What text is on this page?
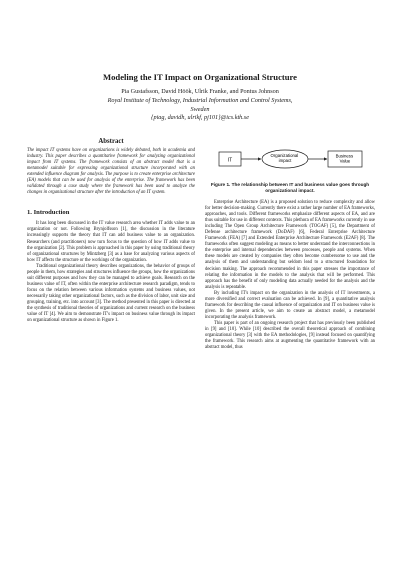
Modeling the IT Impact on Organizational Structure
Pia Gustafsson, David Höök, Ulrik Franke, and Pontus Johnson
Royal Institute of Technology, Industrial Information and Control Systems,
Sweden
{piag, davidh, ulrikf, pj101}@ics.kth.se
Abstract

The impact IT systems have on organizations is widely debated, both in academia and industry. This paper describes a quantitative framework for analyzing organizational impact from IT systems. The framework consists of an abstract model that is a metamodel suitable for expressing organizational structure incorporated with an extended influence diagram for analysis. The purpose is to create enterprise architecture (EA) models that can be used for analysis of the enterprise. The framework has been validated through a case study where the framework has been used to analyze the changes in organizational structure after the introduction of an IT system.

1. Introduction

It has long been discussed in the IT value research area whether IT adds value to an organization or not. Following Brynjolfsson [1], the discussion in the literature increasingly supports the theory that IT can add business value to an organization. Researchers (and practitioners) now turn focus to the question of how IT adds value to the organization [2]. This problem is approached in this paper by using traditional theory of organizational structures by Mintzberg [3] as a base for analyzing various aspects of how IT affects the structure or the workings of the organization.

Traditional organizational theory describes organizations, the behavior of groups of people in them, how strategies and structures influence the groups, how the organizations suit different purposes and how they can be managed to achieve goals. Research on the business value of IT, often within the enterprise architecture research paradigm, tends to focus on the relation between various information systems and business values, not necessarily taking other organizational factors, such as the division of labor, unit size and grouping, training, etc. into account [3]. The method presented in this paper is directed at the synthesis of traditional theories of organizations and current research on the business value of IT [4]. We aim to demonstrate IT's impact on business value through its impact on organizational structure as shown in Figure 1.

IT
Organizational impact
Business Value

Figure 1. The relationship between IT and business value goes through organizational impact.

Enterprise Architecture (EA) is a proposed solution to reduce complexity and allow for better decision-making. Currently there exist a rather large number of EA frameworks, approaches, and tools. Different frameworks emphasize different aspects of EA, and are thus suitable for use in different contexts. This plethora of EA frameworks currently in use including The Open Group Architecture Framework (TOGAF) [5], the Department of Defense architecture framework (DoDAF) [6], Federal Enterprise Architecture Framework (FEA) [7] and Extended Enterprise Architecture Framework (E2AF) [8]. The frameworks often suggest modeling as means to better understand the interconnections in the enterprise and internal dependencies between processes, people and systems. When these models are created by companies they often become cumbersome to use and the analysis of them and understanding but seldom lead to a structured foundation for decision making. The approach recommended in this paper stresses the importance of relating the information in the models to the analysis that will be performed. This approach has the benefit of only modeling data actually needed for the analysis and the analysis is repeatable.

By including IT's impact on the organization in the analysis of IT investments, a more diversified and correct evaluation can be achieved. In [9], a quantitative analysis framework for describing the causal influence of organization and IT on business value is given. In the present article, we aim to create an abstract model, a metamodel incorporating the analysis framework.

This paper is part of an ongoing research project that has previously been published in [9] and [10]. While [10] described the overall theoretical approach of combining organizational theory [3] with the EA methodologies, [9] instead focused on quantifying the framework. This research aims at augmenting the quantitative framework with an abstract model, thus
